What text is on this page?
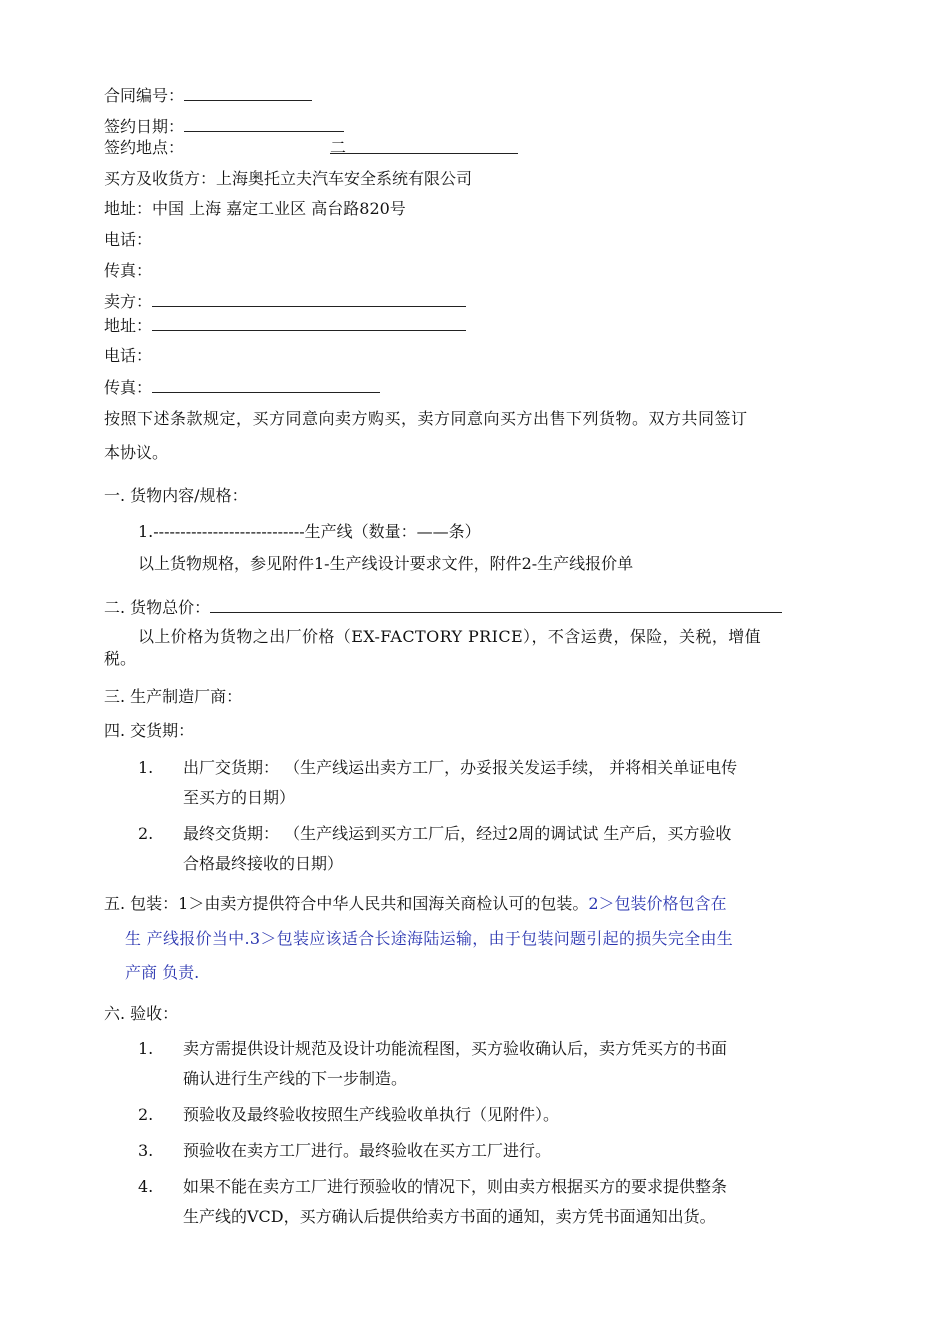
合同编号：
签约日期：
签约地点：	二
买方及收货方：上海奥托立夫汽车安全系统有限公司
地址：中国 上海 嘉定工业区 高台路820号
电话：
传真：
卖方：
地址：
电话：
传真：
按照下述条款规定，买方同意向卖方购买，卖方同意向买方出售下列货物。双方共同签订
本协议。
一. 货物内容/规格：
1.----------------------------生产线（数量：——条）
以上货物规格，参见附件1-生产线设计要求文件，附件2-生产线报价单
二. 货物总价：
以上价格为货物之出厂价格（EX-FACTORY PRICE），不含运费，保险，关税，增值
税。
三. 生产制造厂商：
四. 交货期：
1. 出厂交货期： （生产线运出卖方工厂，办妥报关发运手续， 并将相关单证电传
至买方的日期）
2. 最终交货期： （生产线运到买方工厂后，经过2周的调试试 生产后，买方验收
合格最终接收的日期）
五. 包装：1＞由卖方提供符合中华人民共和国海关商检认可的包装。2＞包装价格包含在
生 产线报价当中.3＞包装应该适合长途海陆运输，由于包装问题引起的损失完全由生
产商 负责.
六. 验收：
1. 卖方需提供设计规范及设计功能流程图，买方验收确认后，卖方凭买方的书面
确认进行生产线的下一步制造。
2. 预验收及最终验收按照生产线验收单执行（见附件）。
3. 预验收在卖方工厂进行。最终验收在买方工厂进行。
4. 如果不能在卖方工厂进行预验收的情况下，则由卖方根据买方的要求提供整条
生产线的VCD，买方确认后提供给卖方书面的通知，卖方凭书面通知出货。
